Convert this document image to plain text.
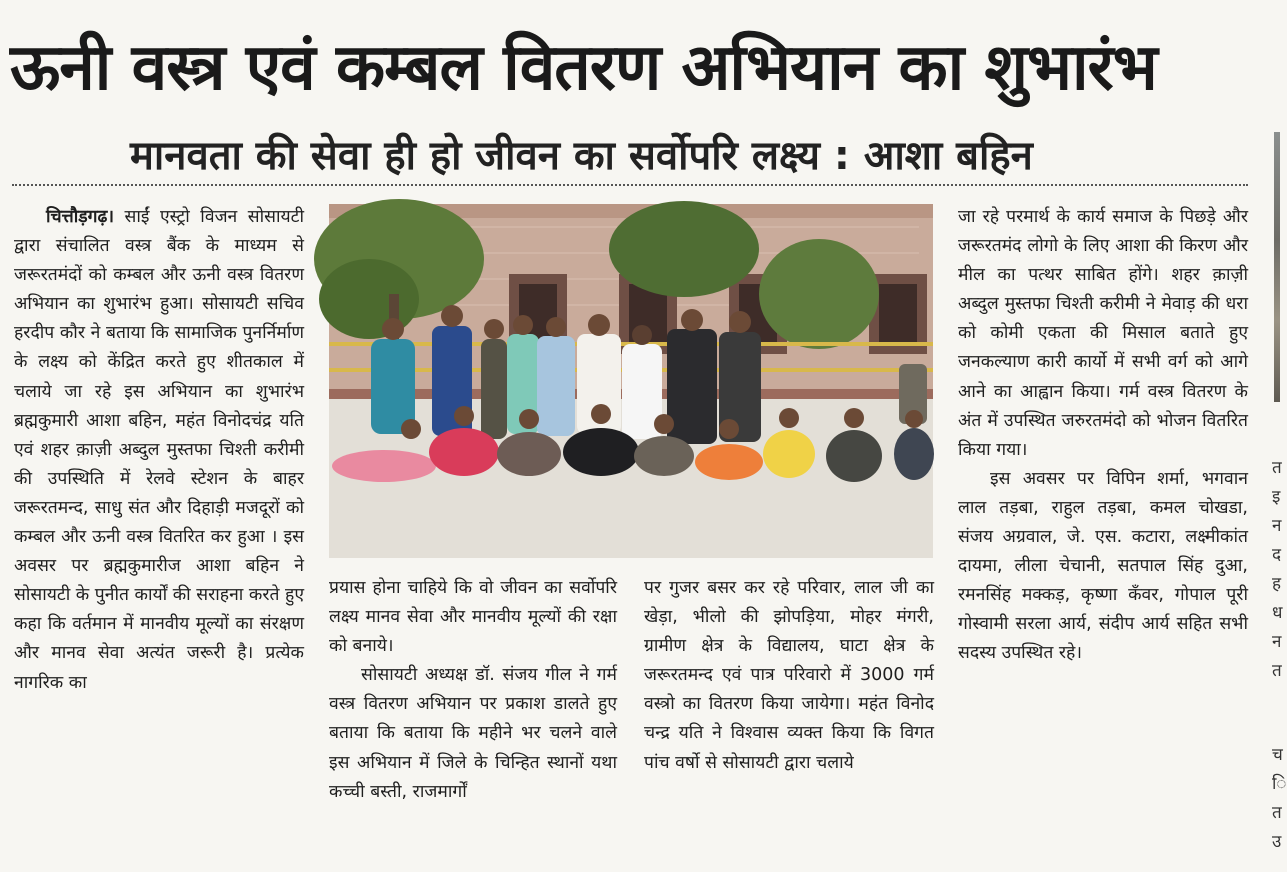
ऊनी वस्त्र एवं कम्बल वितरण अभियान का शुभारंभ
मानवता की सेवा ही हो जीवन का सर्वोपरि लक्ष्य : आशा बहिन

चित्तौड़गढ़। साईं एस्ट्रो विजन सोसायटी द्वारा संचालित वस्त्र बैंक के माध्यम से जरूरतमंदों को कम्बल और ऊनी वस्त्र वितरण अभियान का शुभारंभ हुआ। सोसायटी सचिव हरदीप कौर ने बताया कि सामाजिक पुनर्निर्माण के लक्ष्य को केंद्रित करते हुए शीतकाल में चलाये जा रहे इस अभियान का शुभारंभ ब्रह्मकुमारी आशा बहिन, महंत विनोदचंद्र यति एवं शहर क़ाज़ी अब्दुल मुस्तफा चिश्ती करीमी की उपस्थिति में रेलवे स्टेशन के बाहर जरूरतमन्द, साधु संत और दिहाड़ी मजदूरों को कम्बल और ऊनी वस्त्र वितरित कर हुआ । इस अवसर पर ब्रह्मकुमारीज आशा बहिन ने सोसायटी के पुनीत कार्यों की सराहना करते हुए कहा कि वर्तमान में मानवीय मूल्यों का संरक्षण और मानव सेवा अत्यंत जरूरी है। प्रत्येक नागरिक का

प्रयास होना चाहिये कि वो जीवन का सर्वोपरि लक्ष्य मानव सेवा और मानवीय मूल्यों की रक्षा को बनाये।

सोसायटी अध्यक्ष डॉ. संजय गील ने गर्म वस्त्र वितरण अभियान पर प्रकाश डालते हुए बताया कि बताया कि महीने भर चलने वाले इस अभियान में जिले के चिन्हित स्थानों यथा कच्ची बस्ती, राजमार्गों

पर गुजर बसर कर रहे परिवार, लाल जी का खेड़ा, भीलो की झोपड़िया, मोहर मंगरी, ग्रामीण क्षेत्र के विद्यालय, घाटा क्षेत्र के जरूरतमन्द एवं पात्र परिवारो में 3000 गर्म वस्त्रो का वितरण किया जायेगा। महंत विनोद चन्द्र यति ने विश्वास व्यक्त किया कि विगत पांच वर्षो से सोसायटी द्वारा चलाये

जा रहे परमार्थ के कार्य समाज के पिछड़े और जरूरतमंद लोगो के लिए आशा की किरण और मील का पत्थर साबित होंगे। शहर क़ाज़ी अब्दुल मुस्तफा चिश्ती करीमी ने मेवाड़ की धरा को कोमी एकता की मिसाल बताते हुए जनकल्याण कारी कार्यो में सभी वर्ग को आगे आने का आह्वान किया। गर्म वस्त्र वितरण के अंत में उपस्थित जरुरतमंदो को भोजन वितरित किया गया।

इस अवसर पर विपिन शर्मा, भगवान लाल तड़बा, राहुल तड़बा, कमल चोखडा, संजय अग्रवाल, जे. एस. कटारा, लक्ष्मीकांत दायमा, लीला चेचानी, सतपाल सिंह दुआ, रमनसिंह मक्कड़, कृष्णा कँवर, गोपाल पूरी गोस्वामी सरला आर्य, संदीप आर्य सहित सभी सदस्य उपस्थित रहे।

त
इ
न
द
ह
ध
न
त
च
ि
त
उ
